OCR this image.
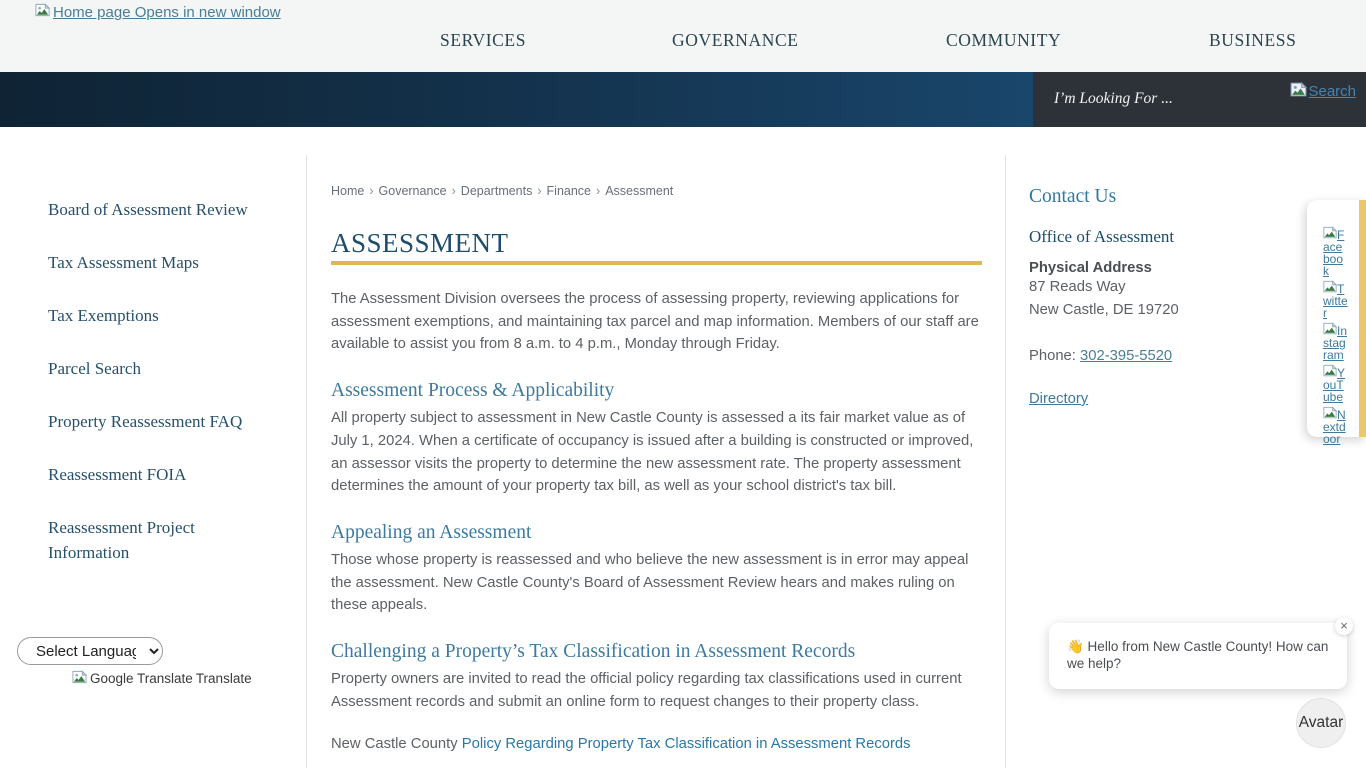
Home page Opens in new window
SERVICES	GOVERNANCE	COMMUNITY	BUSINESS
I’m Looking For ...	Search
Board of Assessment Review
Tax Assessment Maps
Tax Exemptions
Parcel Search
Property Reassessment FAQ
Reassessment FOIA
Reassessment Project Information
Select Language
Google Translate Translate
Home › Governance › Departments › Finance › Assessment
ASSESSMENT

The Assessment Division oversees the process of assessing property, reviewing applications for assessment exemptions, and maintaining tax parcel and map information. Members of our staff are available to assist you from 8 a.m. to 4 p.m., Monday through Friday.

Assessment Process & Applicability

All property subject to assessment in New Castle County is assessed a its fair market value as of July 1, 2024. When a certificate of occupancy is issued after a building is constructed or improved, an assessor visits the property to determine the new assessment rate. The property assessment determines the amount of your property tax bill, as well as your school district's tax bill.

Appealing an Assessment

Those whose property is reassessed and who believe the new assessment is in error may appeal the assessment. New Castle County's Board of Assessment Review hears and makes ruling on these appeals.

Challenging a Property’s Tax Classification in Assessment Records

Property owners are invited to read the official policy regarding tax classifications used in current Assessment records and submit an online form to request changes to their property class.

New Castle County Policy Regarding Property Tax Classification in Assessment Records

Contact Us
Office of Assessment
Physical Address
87 Reads Way
New Castle, DE 19720
Phone: 302-395-5520
Directory
Facebook
Twitter
Instagram
YouTube
Nextdoor
👋 Hello from New Castle County! How can we help?
×
Avatar
